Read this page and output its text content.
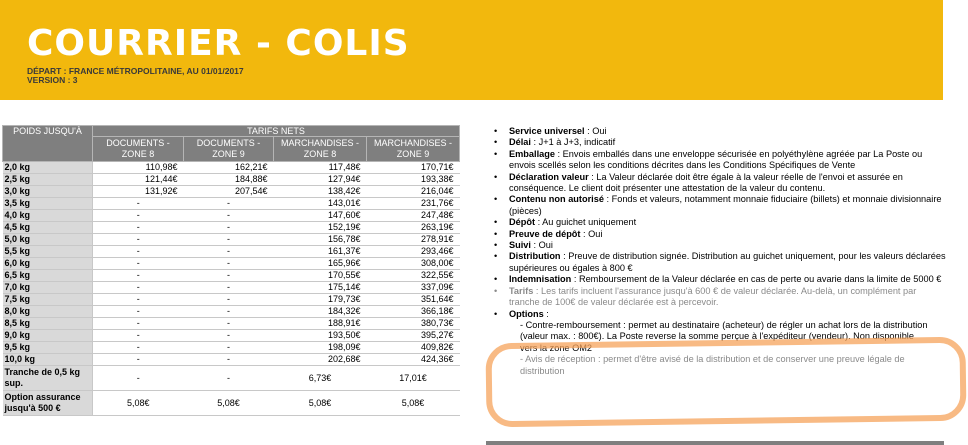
COURRIER - COLIS
DÉPART : FRANCE MÉTROPOLITAINE, AU 01/01/2017
VERSION : 3
POIDS JUSQU'À	TARIFS NETS			
	DOCUMENTS - ZONE 8	DOCUMENTS - ZONE 9	MARCHANDISES - ZONE 8	MARCHANDISES - ZONE 9
2,0 kg	110,98€	162,21€	117,48€	170,71€
2,5 kg	121,44€	184,88€	127,94€	193,38€
3,0 kg	131,92€	207,54€	138,42€	216,04€
3,5 kg	-	-	143,01€	231,76€
4,0 kg	-	-	147,60€	247,48€
4,5 kg	-	-	152,19€	263,19€
5,0 kg	-	-	156,78€	278,91€
5,5 kg	-	-	161,37€	293,46€
6,0 kg	-	-	165,96€	308,00€
6,5 kg	-	-	170,55€	322,55€
7,0 kg	-	-	175,14€	337,09€
7,5 kg	-	-	179,73€	351,64€
8,0 kg	-	-	184,32€	366,18€
8,5 kg	-	-	188,91€	380,73€
9,0 kg	-	-	193,50€	395,27€
9,5 kg	-	-	198,09€	409,82€
10,0 kg	-	-	202,68€	424,36€
Tranche de 0,5 kg sup.	-	-	6,73€	17,01€
Option assurance jusqu'à 500 €	5,08€	5,08€	5,08€	5,08€
• Service universel : Oui
• Délai : J+1 à J+3, indicatif
• Emballage : Envois emballés dans une enveloppe sécurisée en polyéthylène agréée par La Poste ou envois scellés selon les conditions décrites dans les Conditions Spécifiques de Vente
• Déclaration valeur : La Valeur déclarée doit être égale à la valeur réelle de l'envoi et assurée en conséquence. Le client doit présenter une attestation de la valeur du contenu.
• Contenu non autorisé : Fonds et valeurs, notamment monnaie fiduciaire (billets) et monnaie divisionnaire (pièces)
• Dépôt : Au guichet uniquement
• Preuve de dépôt : Oui
• Suivi : Oui
• Distribution : Preuve de distribution signée. Distribution au guichet uniquement, pour les valeurs déclarées supérieures ou égales à 800 €
• Indemnisation : Remboursement de la Valeur déclarée en cas de perte ou avarie dans la limite de 5000 €
• Tarifs : Les tarifs incluent l'assurance jusqu'à 600 € de valeur déclarée. Au-delà, un complément par tranche de 100€ de valeur déclarée est à percevoir.
• Options :
- Contre-remboursement : permet au destinataire (acheteur) de régler un achat lors de la distribution (valeur max. : 800€). La Poste reverse la somme perçue à l'expéditeur (vendeur). Non disponible vers la zone OM2
- Avis de réception : permet d'être avisé de la distribution et de conserver une preuve légale de distribution
TARIFS NETS
